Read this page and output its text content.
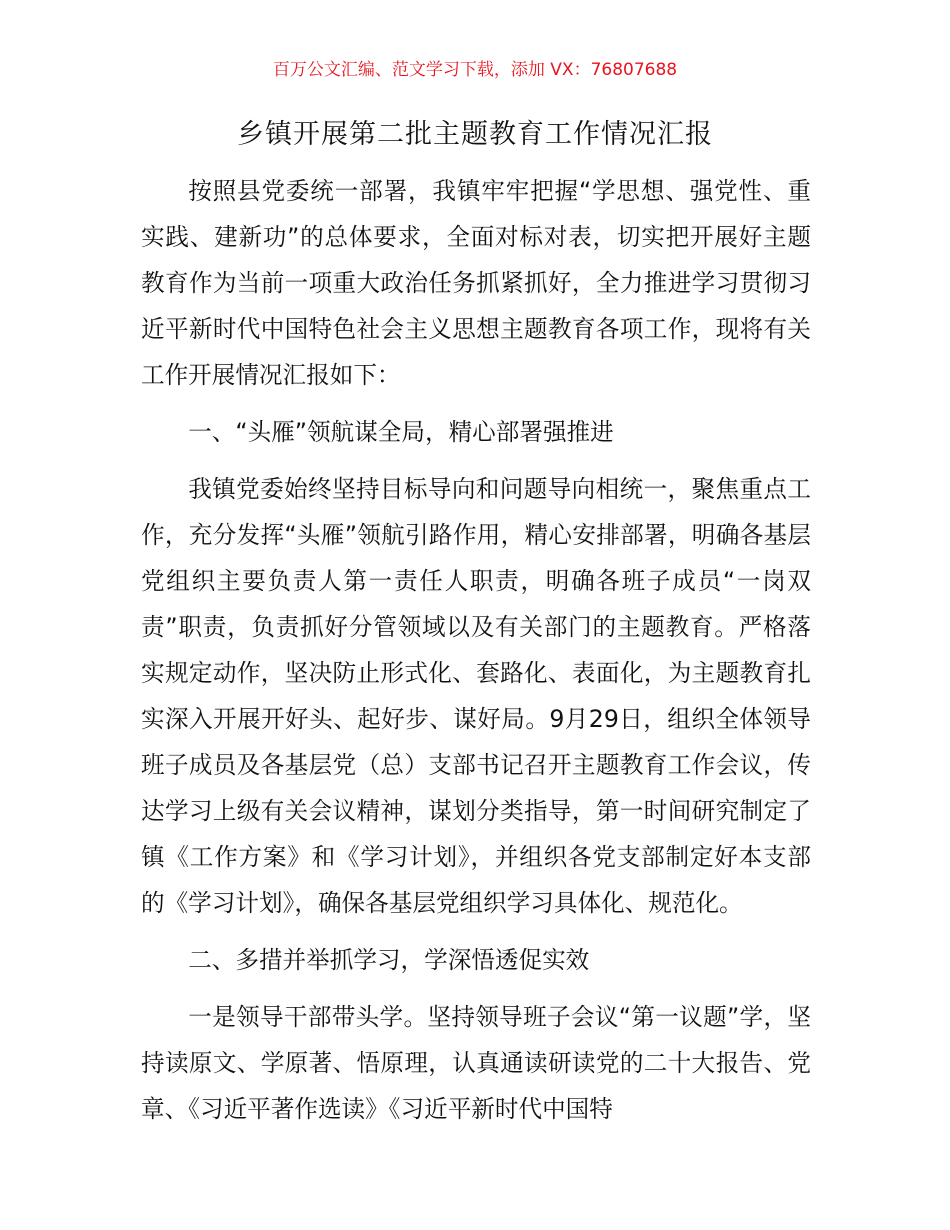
百万公文汇编、范文学习下载，添加 VX：76807688
乡镇开展第二批主题教育工作情况汇报

按照县党委统一部署，我镇牢牢把握“学思想、强党性、重实践、建新功”的总体要求，全面对标对表，切实把开展好主题教育作为当前一项重大政治任务抓紧抓好，全力推进学习贯彻习近平新时代中国特色社会主义思想主题教育各项工作，现将有关工作开展情况汇报如下：

一、“头雁”领航谋全局，精心部署强推进

我镇党委始终坚持目标导向和问题导向相统一，聚焦重点工作，充分发挥“头雁”领航引路作用，精心安排部署，明确各基层党组织主要负责人第一责任人职责，明确各班子成员“一岗双责”职责，负责抓好分管领域以及有关部门的主题教育。严格落实规定动作，坚决防止形式化、套路化、表面化，为主题教育扎实深入开展开好头、起好步、谋好局。9月29日，组织全体领导班子成员及各基层党（总）支部书记召开主题教育工作会议，传达学习上级有关会议精神，谋划分类指导，第一时间研究制定了镇《工作方案》和《学习计划》，并组织各党支部制定好本支部的《学习计划》，确保各基层党组织学习具体化、规范化。

二、多措并举抓学习，学深悟透促实效

一是领导干部带头学。坚持领导班子会议“第一议题”学，坚持读原文、学原著、悟原理，认真通读研读党的二十大报告、党章、《习近平著作选读》《习近平新时代中国特
